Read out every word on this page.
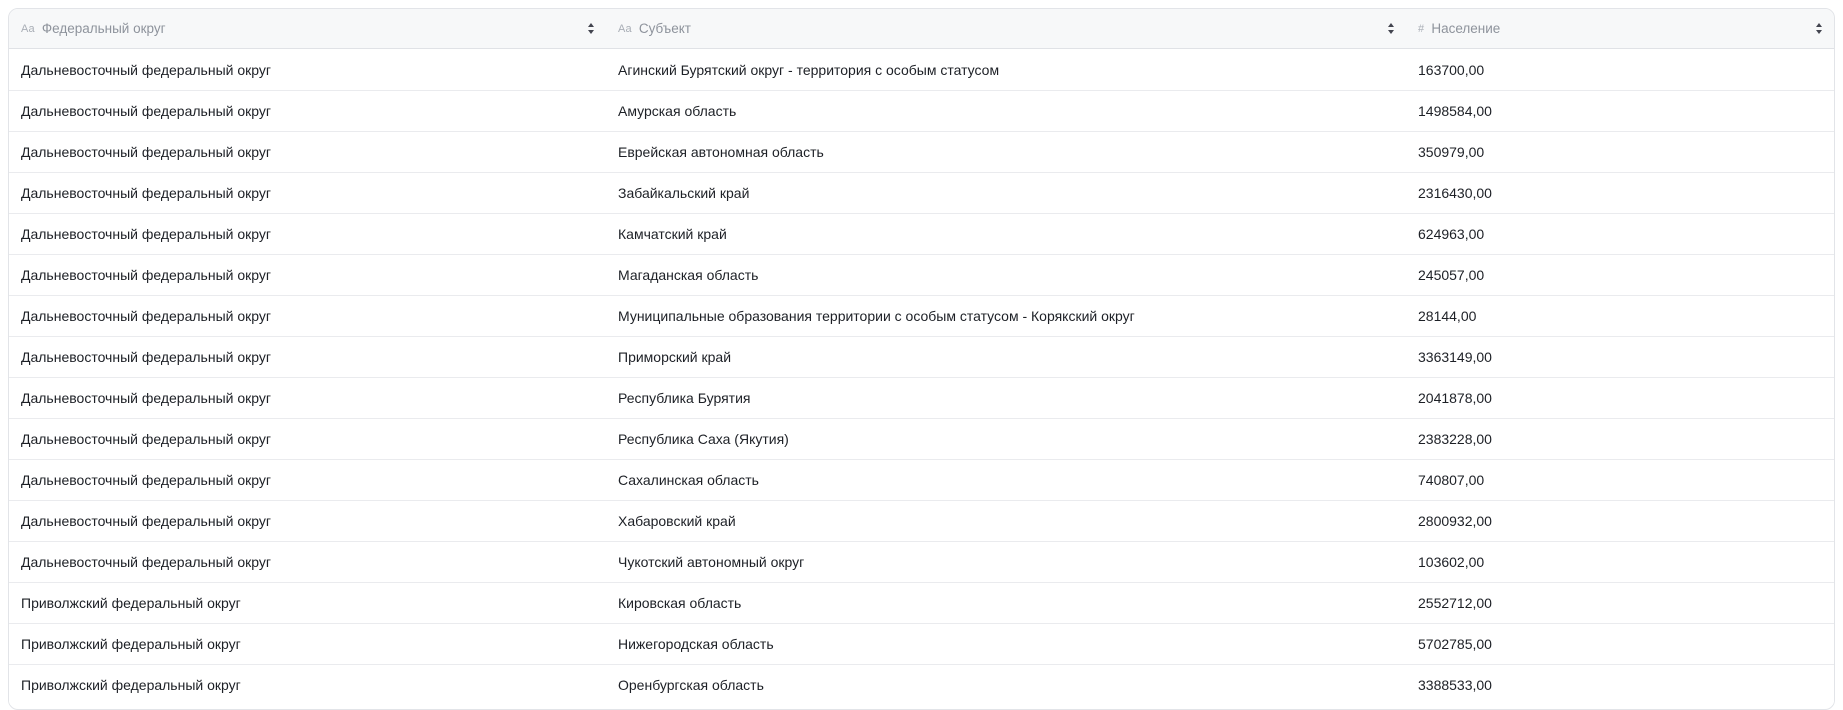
Aa Федеральный округ	Aa Субъект	# Население
Дальневосточный федеральный округ	Агинский Бурятский округ - территория с особым статусом	163700,00
Дальневосточный федеральный округ	Амурская область	1498584,00
Дальневосточный федеральный округ	Еврейская автономная область	350979,00
Дальневосточный федеральный округ	Забайкальский край	2316430,00
Дальневосточный федеральный округ	Камчатский край	624963,00
Дальневосточный федеральный округ	Магаданская область	245057,00
Дальневосточный федеральный округ	Муниципальные образования территории с особым статусом - Корякский округ	28144,00
Дальневосточный федеральный округ	Приморский край	3363149,00
Дальневосточный федеральный округ	Республика Бурятия	2041878,00
Дальневосточный федеральный округ	Республика Саха (Якутия)	2383228,00
Дальневосточный федеральный округ	Сахалинская область	740807,00
Дальневосточный федеральный округ	Хабаровский край	2800932,00
Дальневосточный федеральный округ	Чукотский автономный округ	103602,00
Приволжский федеральный округ	Кировская область	2552712,00
Приволжский федеральный округ	Нижегородская область	5702785,00
Приволжский федеральный округ	Оренбургская область	3388533,00
